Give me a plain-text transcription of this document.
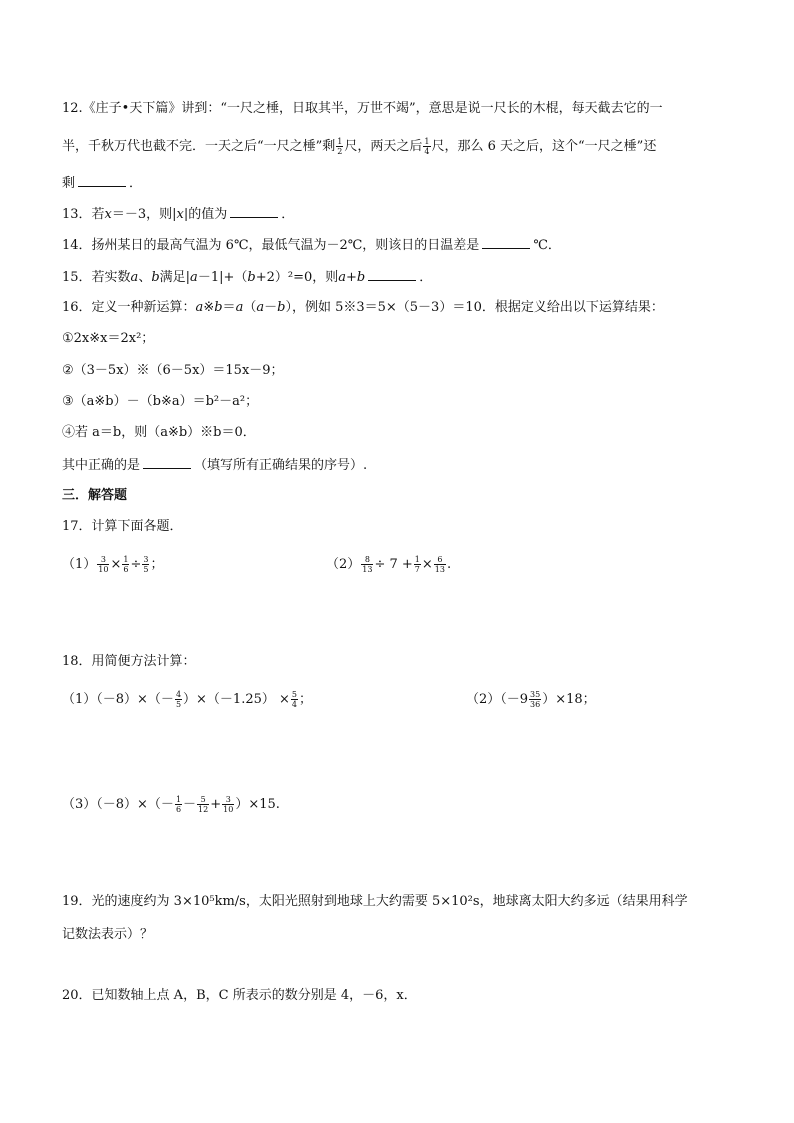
12.《庄子•天下篇》讲到：“一尺之棰，日取其半，万世不竭”，意思是说一尺长的木棍，每天截去它的一
半，千秋万代也截不完．一天之后“一尺之棰”剩 $\frac{1}{2}$ 尺，两天之后 $\frac{1}{4}$ 尺，那么 6 天之后，这个“一尺之棰”还
剩	．
13．若x＝－3，则|x|的值为	．
14．扬州某日的最高气温为 6℃，最低气温为－2℃，则该日的日温差是	℃．
15．若实数a、b满足|a－1|+（b+2）²=0，则a+b	．
16．定义一种新运算：a※b＝a（a－b），例如 5※3＝5×（5－3）＝10．根据定义给出以下运算结果：
①2x※x＝2x²；
②（3－5x）※（6－5x）＝15x－9；
③（a※b）－（b※a）＝b²－a²；
④若 a＝b，则（a※b）※b＝0．
其中正确的是	（填写所有正确结果的序号）.
三．解答题
17．计算下面各题．
$(1) \frac{3}{10} \times \frac{1}{6} \div \frac{3}{5}$ ；	$(2) \frac{8}{13} \div 7 + \frac{1}{7} \times \frac{6}{13}$ .
18．用简便方法计算：
$(1)(-8)\times(- \frac{4}{5} )\times(-1.25) \times \frac{5}{4}$ ；	$(2)(-9 \frac{35}{36} )\times 18$；
$(3)(-8)\times(- \frac{1}{6} - \frac{5}{12} + \frac{3}{10} )\times 15$.
19．光的速度约为 3×10⁵km/s，太阳光照射到地球上大约需要 5×10²s，地球离太阳大约多远（结果用科学
记数法表示）？
20．已知数轴上点 A，B，C 所表示的数分别是 4，－6，x．
